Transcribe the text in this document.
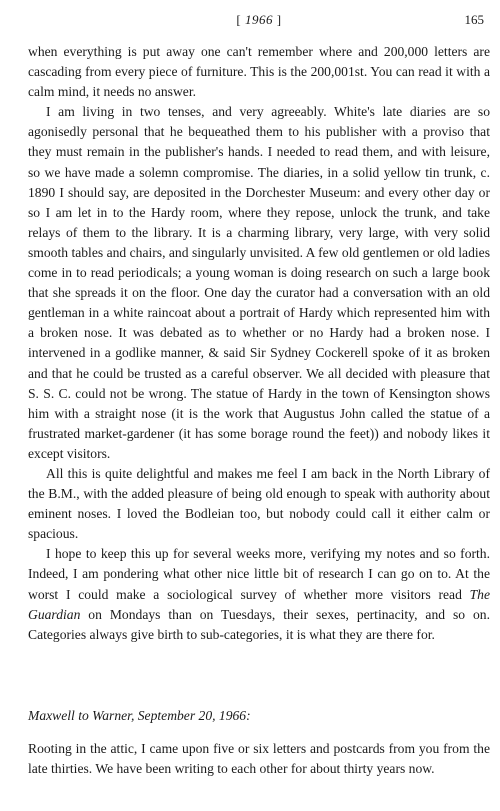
[ 1966 ]	165

when everything is put away one can't remember where and 200,000 letters are cascading from every piece of furniture. This is the 200,001st. You can read it with a calm mind, it needs no answer.

I am living in two tenses, and very agreeably. White's late diaries are so agonisedly personal that he bequeathed them to his publisher with a proviso that they must remain in the publisher's hands. I needed to read them, and with leisure, so we have made a solemn compromise. The diaries, in a solid yellow tin trunk, c. 1890 I should say, are deposited in the Dorchester Museum: and every other day or so I am let in to the Hardy room, where they repose, unlock the trunk, and take relays of them to the library. It is a charming library, very large, with very solid smooth tables and chairs, and singularly unvisited. A few old gentlemen or old ladies come in to read periodicals; a young woman is doing research on such a large book that she spreads it on the floor. One day the curator had a conversation with an old gentleman in a white raincoat about a portrait of Hardy which represented him with a broken nose. It was debated as to whether or no Hardy had a broken nose. I intervened in a godlike manner, & said Sir Sydney Cockerell spoke of it as broken and that he could be trusted as a careful observer. We all decided with pleasure that S. S. C. could not be wrong. The statue of Hardy in the town of Kensington shows him with a straight nose (it is the work that Augustus John called the statue of a frustrated market-gardener (it has some borage round the feet)) and nobody likes it except visitors.

All this is quite delightful and makes me feel I am back in the North Library of the B.M., with the added pleasure of being old enough to speak with authority about eminent noses. I loved the Bodleian too, but nobody could call it either calm or spacious.

I hope to keep this up for several weeks more, verifying my notes and so forth. Indeed, I am pondering what other nice little bit of research I can go on to. At the worst I could make a sociological survey of whether more visitors read The Guardian on Mondays than on Tuesdays, their sexes, pertinacity, and so on. Categories always give birth to sub-categories, it is what they are there for.

Maxwell to Warner, September 20, 1966:

Rooting in the attic, I came upon five or six letters and postcards from you from the late thirties. We have been writing to each other for about thirty years now.
